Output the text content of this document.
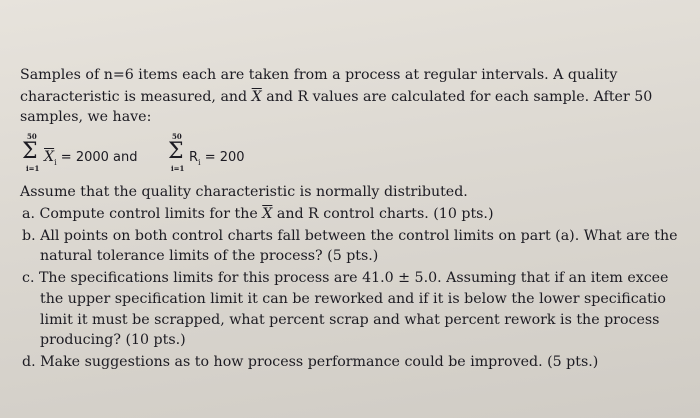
Samples of n=6 items each are taken from a process at regular intervals. A quality
characteristic is measured, and $\overline{X}$ and R values are calculated for each sample. After 50
samples, we have:
50
Σ
i=1
$\overline{X}_i = 2000$ and
50
Σ
i=1
$R_i = 200$
Assume that the quality characteristic is normally distributed.
a. Compute control limits for the $\overline{X}$ and R control charts. (10 pts.)
b. All points on both control charts fall between the control limits on part (a). What are the
natural tolerance limits of the process? (5 pts.)
c. The specifications limits for this process are 41.0 ± 5.0. Assuming that if an item excee
the upper specification limit it can be reworked and if it is below the lower specificatio
limit it must be scrapped, what percent scrap and what percent rework is the process
producing? (10 pts.)
d. Make suggestions as to how process performance could be improved. (5 pts.)
